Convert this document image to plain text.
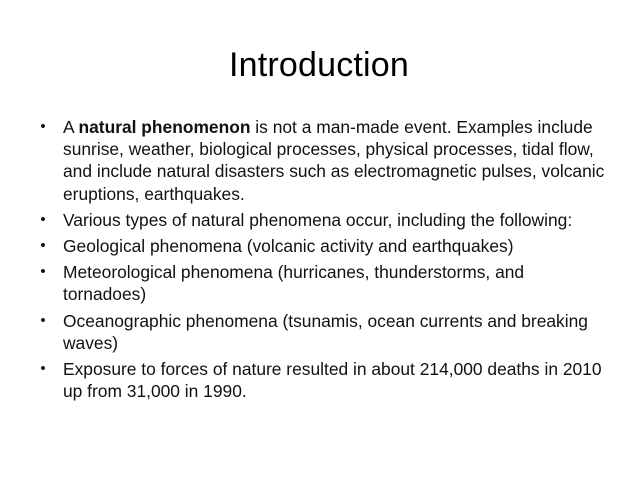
Introduction
• A natural phenomenon is not a man-made event. Examples include sunrise, weather, biological processes, physical processes, tidal flow, and include natural disasters such as electromagnetic pulses, volcanic eruptions, earthquakes.
• Various types of natural phenomena occur, including the following:
• Geological phenomena (volcanic activity and earthquakes)
• Meteorological phenomena (hurricanes, thunderstorms, and tornadoes)
• Oceanographic phenomena (tsunamis, ocean currents and breaking waves)
• Exposure to forces of nature resulted in about 214,000 deaths in 2010 up from 31,000 in 1990.
